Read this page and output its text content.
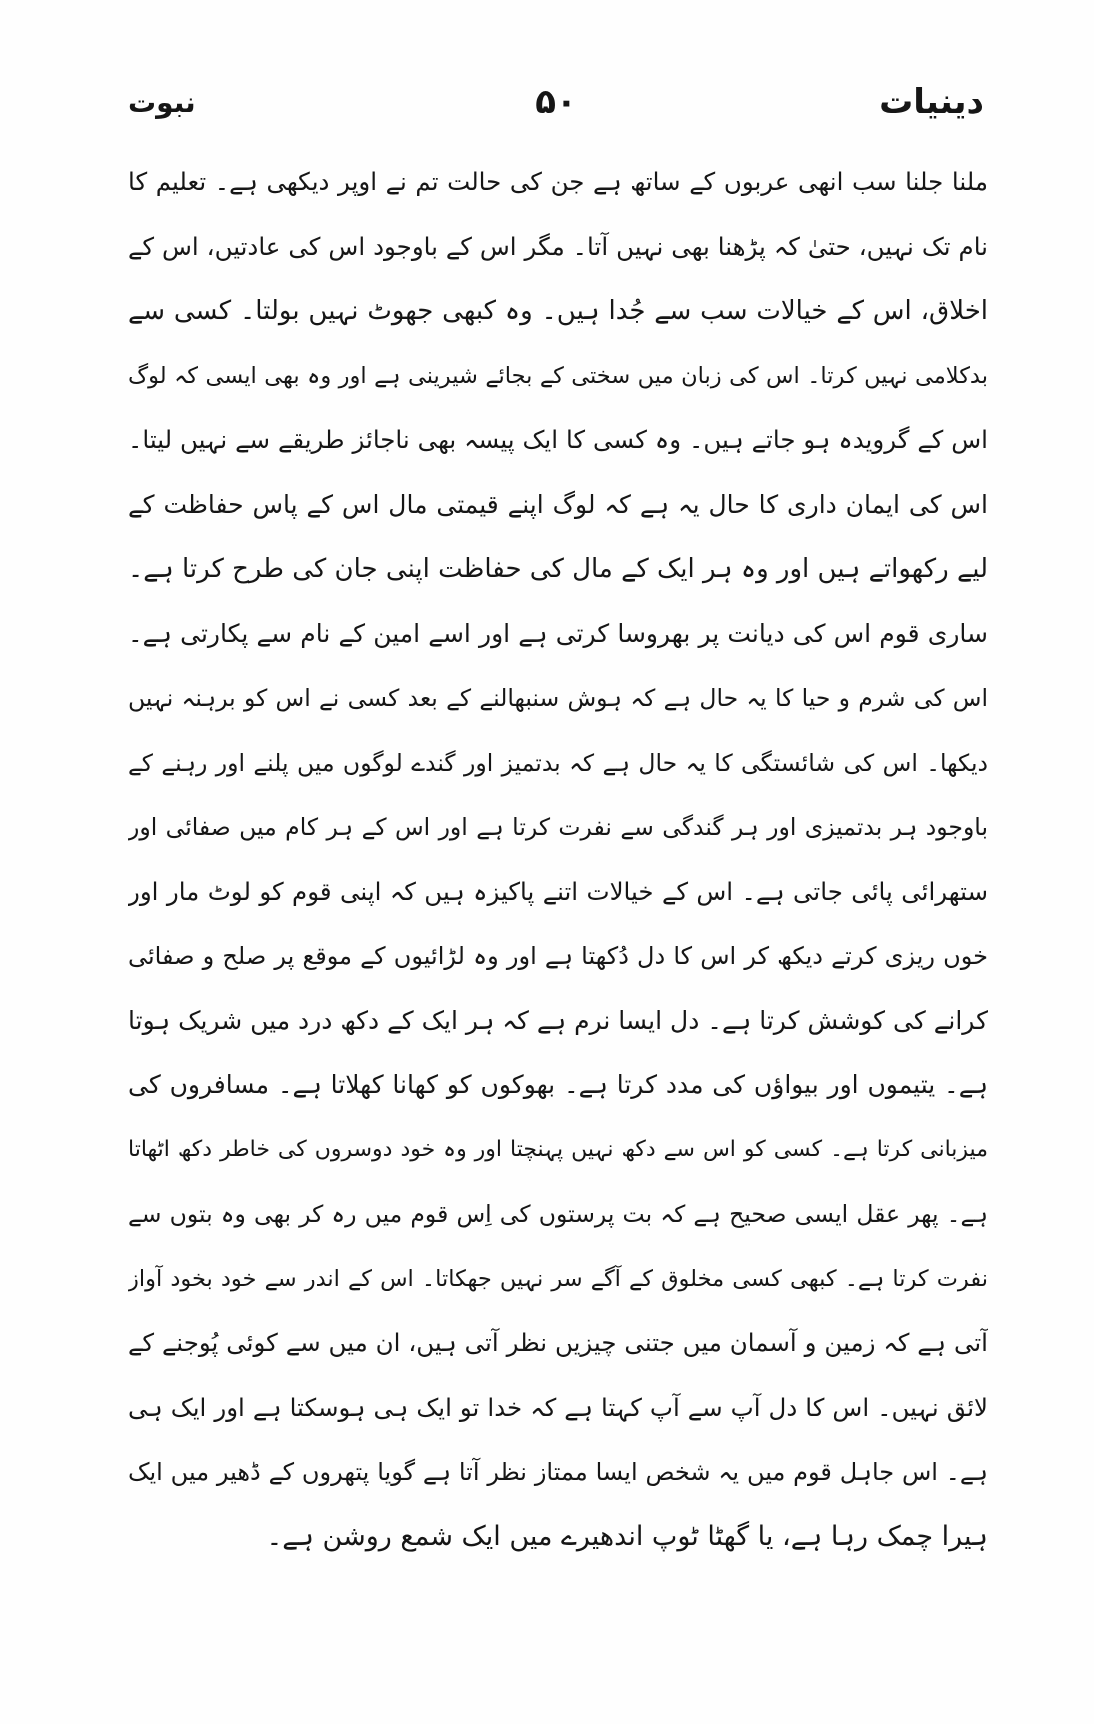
دینیات
۵۰
نبوت
ملنا جلنا سب انھی عربوں کے ساتھ ہے جن کی حالت تم نے اوپر دیکھی ہے۔ تعلیم کا
نام تک نہیں، حتیٰ کہ پڑھنا بھی نہیں آتا۔ مگر اس کے باوجود اس کی عادتیں، اس کے
اخلاق، اس کے خیالات سب سے جُدا ہیں۔ وہ کبھی جھوٹ نہیں بولتا۔ کسی سے
بدکلامی نہیں کرتا۔ اس کی زبان میں سختی کے بجائے شیرینی ہے اور وہ بھی ایسی کہ لوگ
اس کے گرویدہ ہو جاتے ہیں۔ وہ کسی کا ایک پیسہ بھی ناجائز طریقے سے نہیں لیتا۔
اس کی ایمان داری کا حال یہ ہے کہ لوگ اپنے قیمتی مال اس کے پاس حفاظت کے
لیے رکھواتے ہیں اور وہ ہر ایک کے مال کی حفاظت اپنی جان کی طرح کرتا ہے۔
ساری قوم اس کی دیانت پر بھروسا کرتی ہے اور اسے امین کے نام سے پکارتی ہے۔
اس کی شرم و حیا کا یہ حال ہے کہ ہوش سنبھالنے کے بعد کسی نے اس کو برہنہ نہیں
دیکھا۔ اس کی شائستگی کا یہ حال ہے کہ بدتمیز اور گندے لوگوں میں پلنے اور رہنے کے
باوجود ہر بدتمیزی اور ہر گندگی سے نفرت کرتا ہے اور اس کے ہر کام میں صفائی اور
ستھرائی پائی جاتی ہے۔ اس کے خیالات اتنے پاکیزہ ہیں کہ اپنی قوم کو لوٹ مار اور
خوں ریزی کرتے دیکھ کر اس کا دل دُکھتا ہے اور وہ لڑائیوں کے موقع پر صلح و صفائی
کرانے کی کوشش کرتا ہے۔ دل ایسا نرم ہے کہ ہر ایک کے دکھ درد میں شریک ہوتا
ہے۔ یتیموں اور بیواؤں کی مدد کرتا ہے۔ بھوکوں کو کھانا کھلاتا ہے۔ مسافروں کی
میزبانی کرتا ہے۔ کسی کو اس سے دکھ نہیں پہنچتا اور وہ خود دوسروں کی خاطر دکھ اٹھاتا
ہے۔ پھر عقل ایسی صحیح ہے کہ بت پرستوں کی اِس قوم میں رہ کر بھی وہ بتوں سے
نفرت کرتا ہے۔ کبھی کسی مخلوق کے آگے سر نہیں جھکاتا۔ اس کے اندر سے خود بخود آواز
آتی ہے کہ زمین و آسمان میں جتنی چیزیں نظر آتی ہیں، ان میں سے کوئی پُوجنے کے
لائق نہیں۔ اس کا دل آپ سے آپ کہتا ہے کہ خدا تو ایک ہی ہوسکتا ہے اور ایک ہی
ہے۔ اس جاہل قوم میں یہ شخص ایسا ممتاز نظر آتا ہے گویا پتھروں کے ڈھیر میں ایک
ہیرا چمک رہا ہے، یا گھٹا ٹوپ اندھیرے میں ایک شمع روشن ہے۔
